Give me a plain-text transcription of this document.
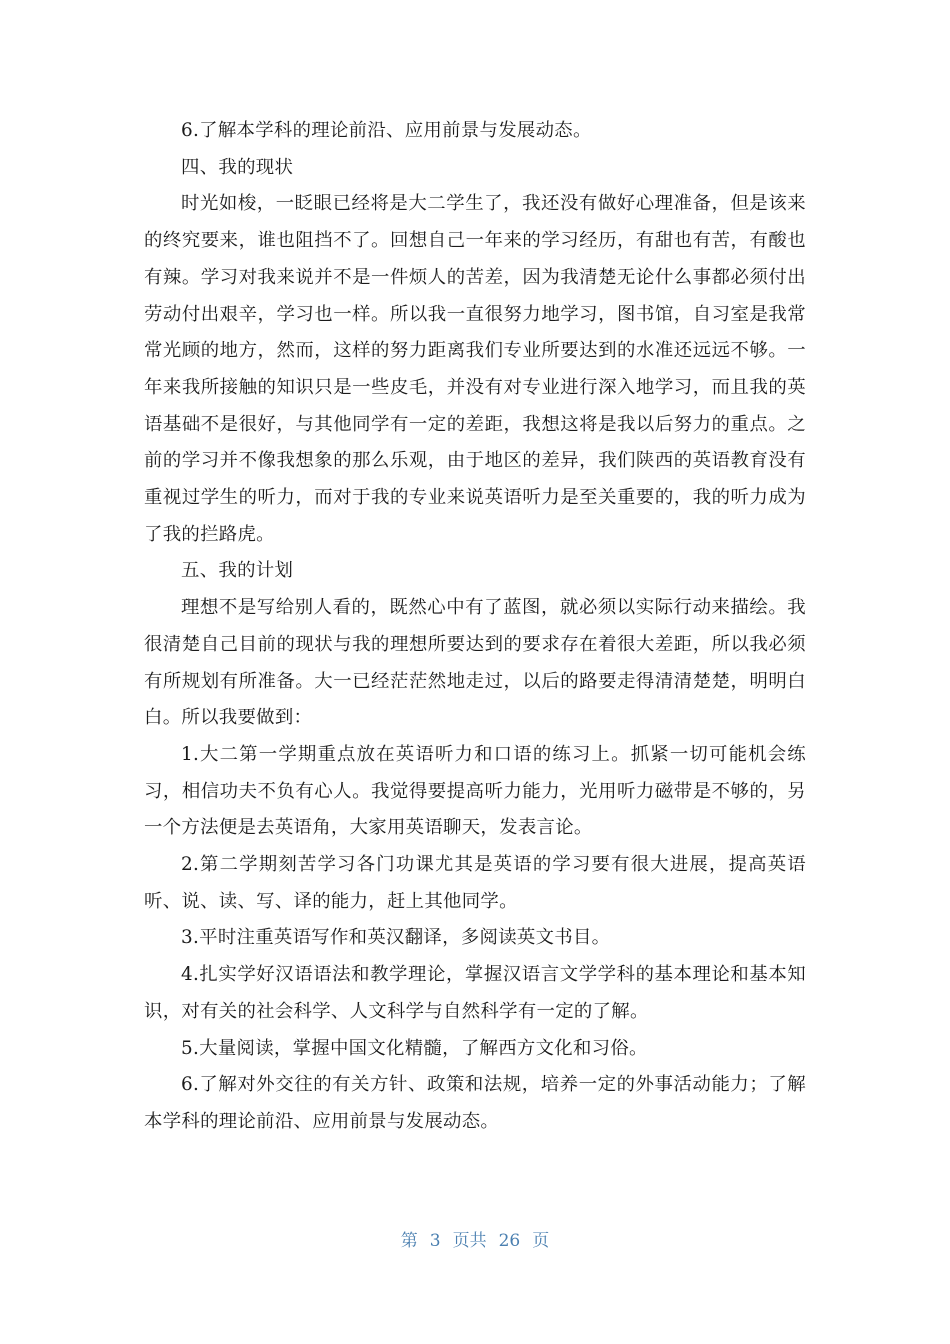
6.了解本学科的理论前沿、应用前景与发展动态。

四、我的现状

时光如梭，一眨眼已经将是大二学生了，我还没有做好心理准备，但是该来的终究要来，谁也阻挡不了。回想自己一年来的学习经历，有甜也有苦，有酸也有辣。学习对我来说并不是一件烦人的苦差，因为我清楚无论什么事都必须付出劳动付出艰辛，学习也一样。所以我一直很努力地学习，图书馆，自习室是我常常光顾的地方，然而，这样的努力距离我们专业所要达到的水准还远远不够。一年来我所接触的知识只是一些皮毛，并没有对专业进行深入地学习，而且我的英语基础不是很好，与其他同学有一定的差距，我想这将是我以后努力的重点。之前的学习并不像我想象的那么乐观，由于地区的差异，我们陕西的英语教育没有重视过学生的听力，而对于我的专业来说英语听力是至关重要的，我的听力成为了我的拦路虎。

五、我的计划

理想不是写给别人看的，既然心中有了蓝图，就必须以实际行动来描绘。我很清楚自己目前的现状与我的理想所要达到的要求存在着很大差距，所以我必须有所规划有所准备。大一已经茫茫然地走过，以后的路要走得清清楚楚，明明白白。所以我要做到：

1.大二第一学期重点放在英语听力和口语的练习上。抓紧一切可能机会练习，相信功夫不负有心人。我觉得要提高听力能力，光用听力磁带是不够的，另一个方法便是去英语角，大家用英语聊天，发表言论。

2.第二学期刻苦学习各门功课尤其是英语的学习要有很大进展，提高英语听、说、读、写、译的能力，赶上其他同学。

3.平时注重英语写作和英汉翻译，多阅读英文书目。

4.扎实学好汉语语法和教学理论，掌握汉语言文学学科的基本理论和基本知识，对有关的社会科学、人文科学与自然科学有一定的了解。

5.大量阅读，掌握中国文化精髓，了解西方文化和习俗。

6.了解对外交往的有关方针、政策和法规，培养一定的外事活动能力；了解本学科的理论前沿、应用前景与发展动态。

第 3 页共 26 页
